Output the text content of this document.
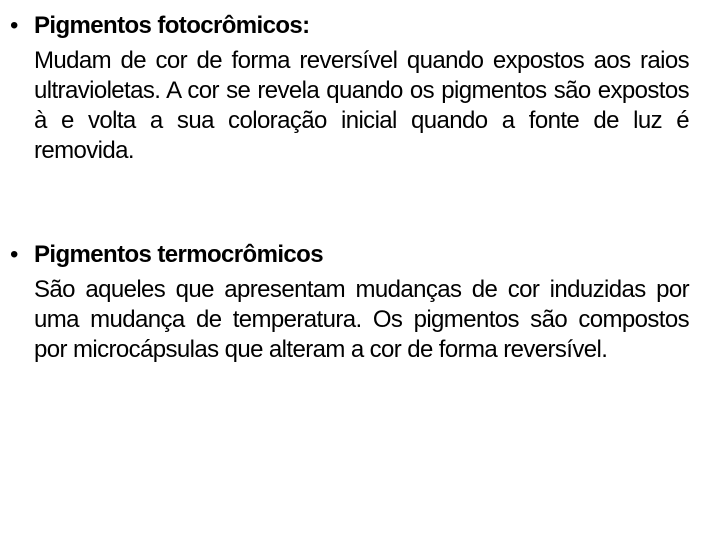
• Pigmentos fotocrômicos:
Mudam de cor de forma reversível quando expostos aos raios ultravioletas. A cor se revela quando os pigmentos são expostos à e volta a sua coloração inicial quando a fonte de luz é removida.
• Pigmentos termocrômicos
São aqueles que apresentam mudanças de cor induzidas por uma mudança de temperatura. Os pigmentos são compostos por microcápsulas que alteram a cor de forma reversível.
